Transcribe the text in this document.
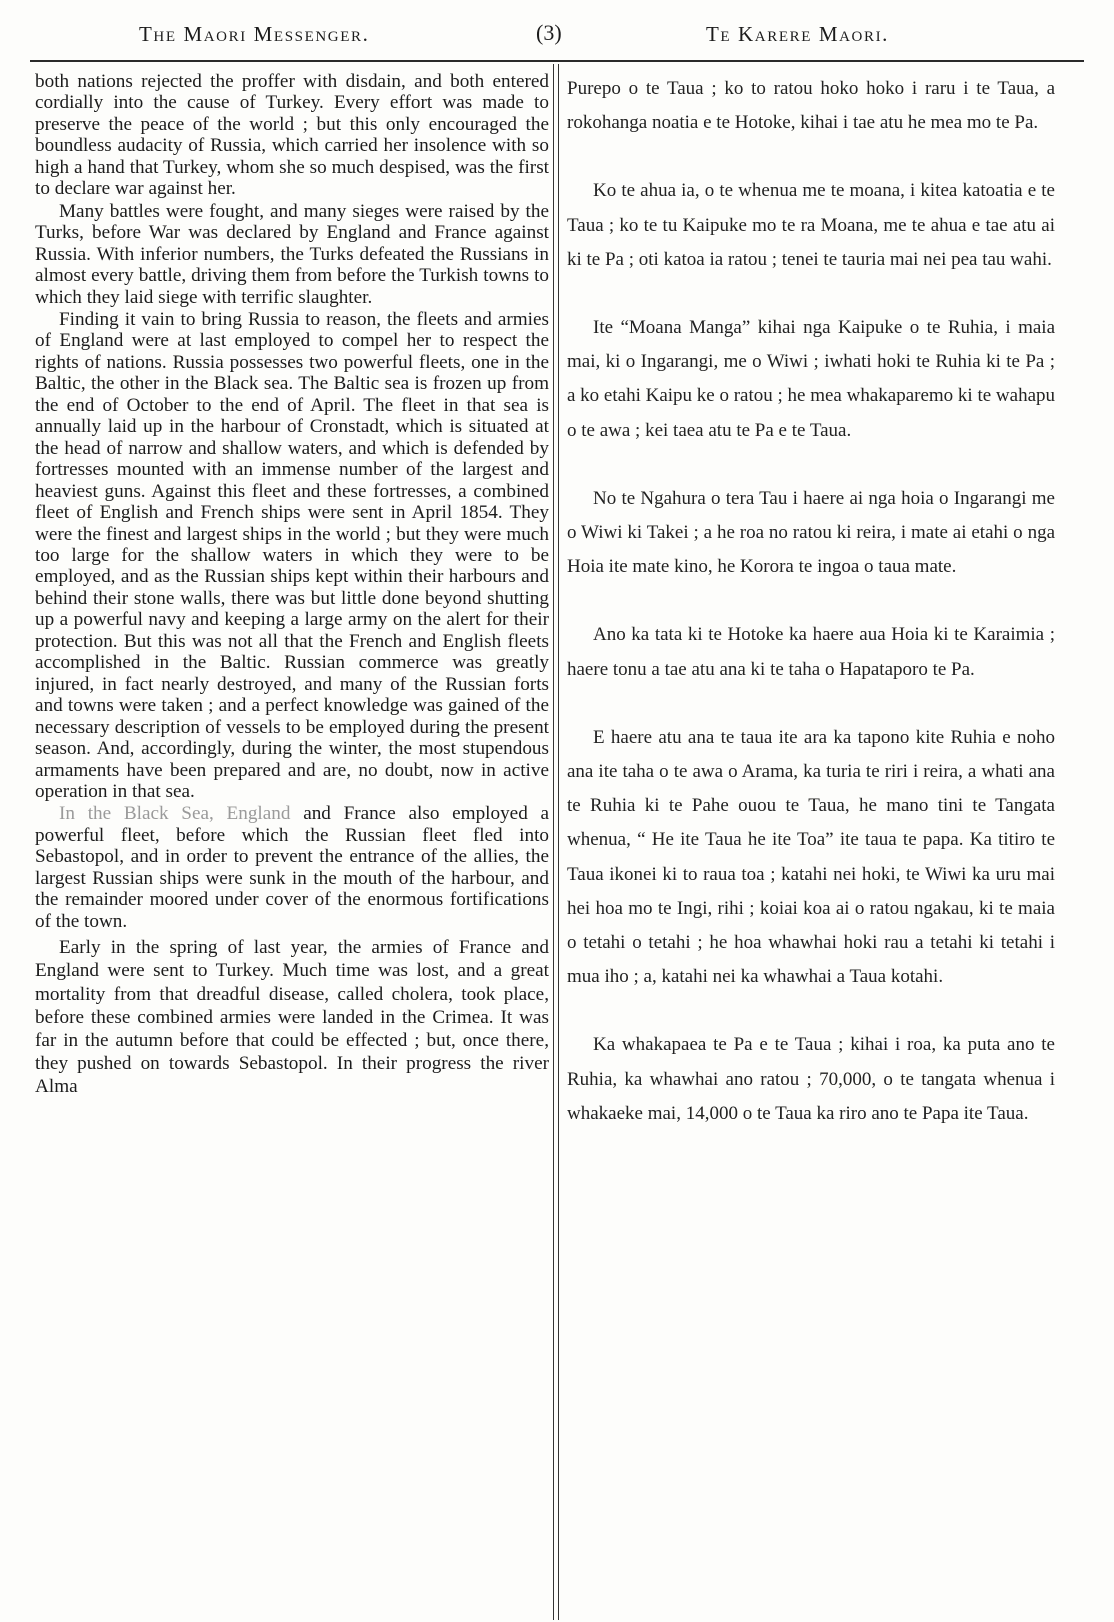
The Maori Messenger.	(3)	Te Karere Maori.

both nations rejected the proffer with disdain, and both entered cordially into the cause of Turkey. Every effort was made to preserve the peace of the world ; but this only encouraged the boundless audacity of Russia, which carried her insolence with so high a hand that Turkey, whom she so much despised, was the first to declare war against her.

Many battles were fought, and many sieges were raised by the Turks, before War was declared by England and France against Russia. With inferior numbers, the Turks defeated the Russians in almost every battle, driving them from before the Turkish towns to which they laid siege with terrific slaughter.

Finding it vain to bring Russia to reason, the fleets and armies of England were at last employed to compel her to respect the rights of nations. Russia possesses two powerful fleets, one in the Baltic, the other in the Black sea. The Baltic sea is frozen up from the end of October to the end of April. The fleet in that sea is annually laid up in the harbour of Cronstadt, which is situated at the head of narrow and shallow waters, and which is defended by fortresses mounted with an immense number of the largest and heaviest guns. Against this fleet and these fortresses, a combined fleet of English and French ships were sent in April 1854. They were the finest and largest ships in the world ; but they were much too large for the shallow waters in which they were to be employed, and as the Russian ships kept within their harbours and behind their stone walls, there was but little done beyond shutting up a powerful navy and keeping a large army on the alert for their protection. But this was not all that the French and English fleets accomplished in the Baltic. Russian commerce was greatly injured, in fact nearly destroyed, and many of the Russian forts and towns were taken ; and a perfect knowledge was gained of the necessary description of vessels to be employed during the present season. And, accordingly, during the winter, the most stupendous armaments have been prepared and are, no doubt, now in active operation in that sea.

In the Black Sea, England and France also employed a powerful fleet, before which the Russian fleet fled into Sebastopol, and in order to prevent the entrance of the allies, the largest Russian ships were sunk in the mouth of the harbour, and the remainder moored under cover of the enormous fortifications of the town.

Early in the spring of last year, the armies of France and England were sent to Turkey. Much time was lost, and a great mortality from that dreadful disease, called cholera, took place, before these combined armies were landed in the Crimea. It was far in the autumn before that could be effected ; but, once there, they pushed on towards Sebastopol. In their progress the river Alma

Purepo o te Taua ; ko to ratou hoko hoko i raru i te Taua, a rokohanga noatia e te Hotoke, kihai i tae atu he mea mo te Pa.

Ko te ahua ia, o te whenua me te moana, i kitea katoatia e te Taua ; ko te tu Kaipuke mo te ra Moana, me te ahua e tae atu ai ki te Pa ; oti katoa ia ratou ; tenei te tauria mai nei pea tau wahi.

Ite “Moana Manga” kihai nga Kaipuke o te Ruhia, i maia mai, ki o Ingarangi, me o Wiwi ; iwhati hoki te Ruhia ki te Pa ; a ko etahi Kaipu ke o ratou ; he mea whakaparemo ki te wahapu o te awa ; kei taea atu te Pa e te Taua.

No te Ngahura o tera Tau i haere ai nga hoia o Ingarangi me o Wiwi ki Takei ; a he roa no ratou ki reira, i mate ai etahi o nga Hoia ite mate kino, he Korora te ingoa o taua mate.

Ano ka tata ki te Hotoke ka haere aua Hoia ki te Karaimia ; haere tonu a tae atu ana ki te taha o Hapataporo te Pa.

E haere atu ana te taua ite ara ka tapono kite Ruhia e noho ana ite taha o te awa o Arama, ka turia te riri i reira, a whati ana te Ruhia ki te Pahe ouou te Taua, he mano tini te Tangata whenua, “ He ite Taua he ite Toa” ite taua te papa. Ka titiro te Taua ikonei ki to raua toa ; katahi nei hoki, te Wiwi ka uru mai hei hoa mo te Ingi, rihi ; koiai koa ai o ratou ngakau, ki te maia o tetahi o tetahi ; he hoa whawhai hoki rau a tetahi ki tetahi i mua iho ; a, katahi nei ka whawhai a Taua kotahi.

Ka whakapaea te Pa e te Taua ; kihai i roa, ka puta ano te Ruhia, ka whawhai ano ratou ; 70,000, o te tangata whenua i whakaeke mai, 14,000 o te Taua ka riro ano te Papa ite Taua.
